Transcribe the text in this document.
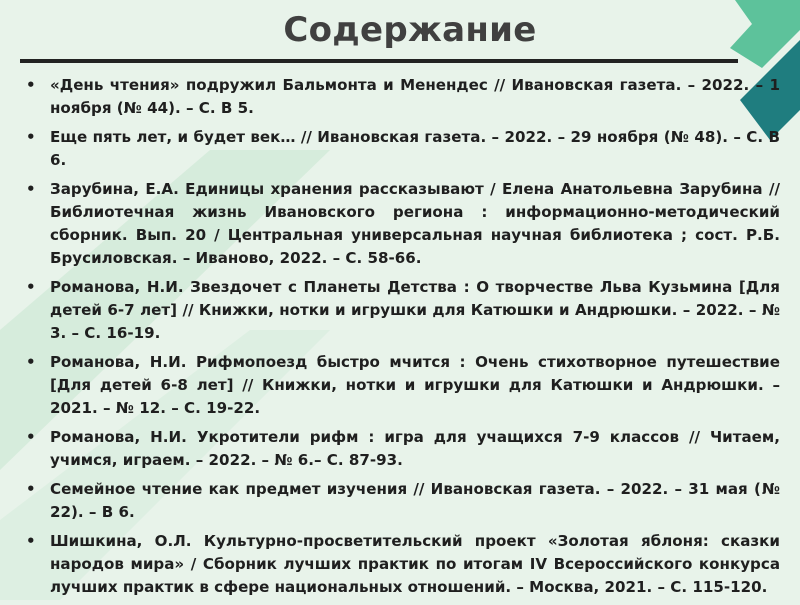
Содержание
• «День чтения» подружил Бальмонта и Менендес // Ивановская газета. – 2022. – 1 ноября (№ 44). – С. В 5.
• Еще пять лет, и будет век… // Ивановская газета. – 2022. – 29 ноября (№ 48). – С. В 6.
• Зарубина, Е.А. Единицы хранения рассказывают / Елена Анатольевна Зарубина // Библиотечная жизнь Ивановского региона : информационно-методический сборник. Вып. 20 / Центральная универсальная научная библиотека ; сост. Р.Б. Брусиловская. – Иваново, 2022. – С. 58-66.
• Романова, Н.И. Звездочет с Планеты Детства : О творчестве Льва Кузьмина [Для детей 6-7 лет] // Книжки, нотки и игрушки для Катюшки и Андрюшки. – 2022. – № 3. – С. 16-19.
• Романова, Н.И. Рифмопоезд быстро мчится : Очень стихотворное путешествие [Для детей 6-8 лет] // Книжки, нотки и игрушки для Катюшки и Андрюшки. – 2021. – № 12. – С. 19-22.
• Романова, Н.И. Укротители рифм : игра для учащихся 7-9 классов // Читаем, учимся, играем. – 2022. – № 6.– С. 87-93.
• Семейное чтение как предмет изучения // Ивановская газета. – 2022. – 31 мая (№ 22). – В 6.
• Шишкина, О.Л. Культурно-просветительский проект «Золотая яблоня: сказки народов мира» / Сборник лучших практик по итогам IV Всероссийского конкурса лучших практик в сфере национальных отношений. – Москва, 2021. – С. 115-120.
